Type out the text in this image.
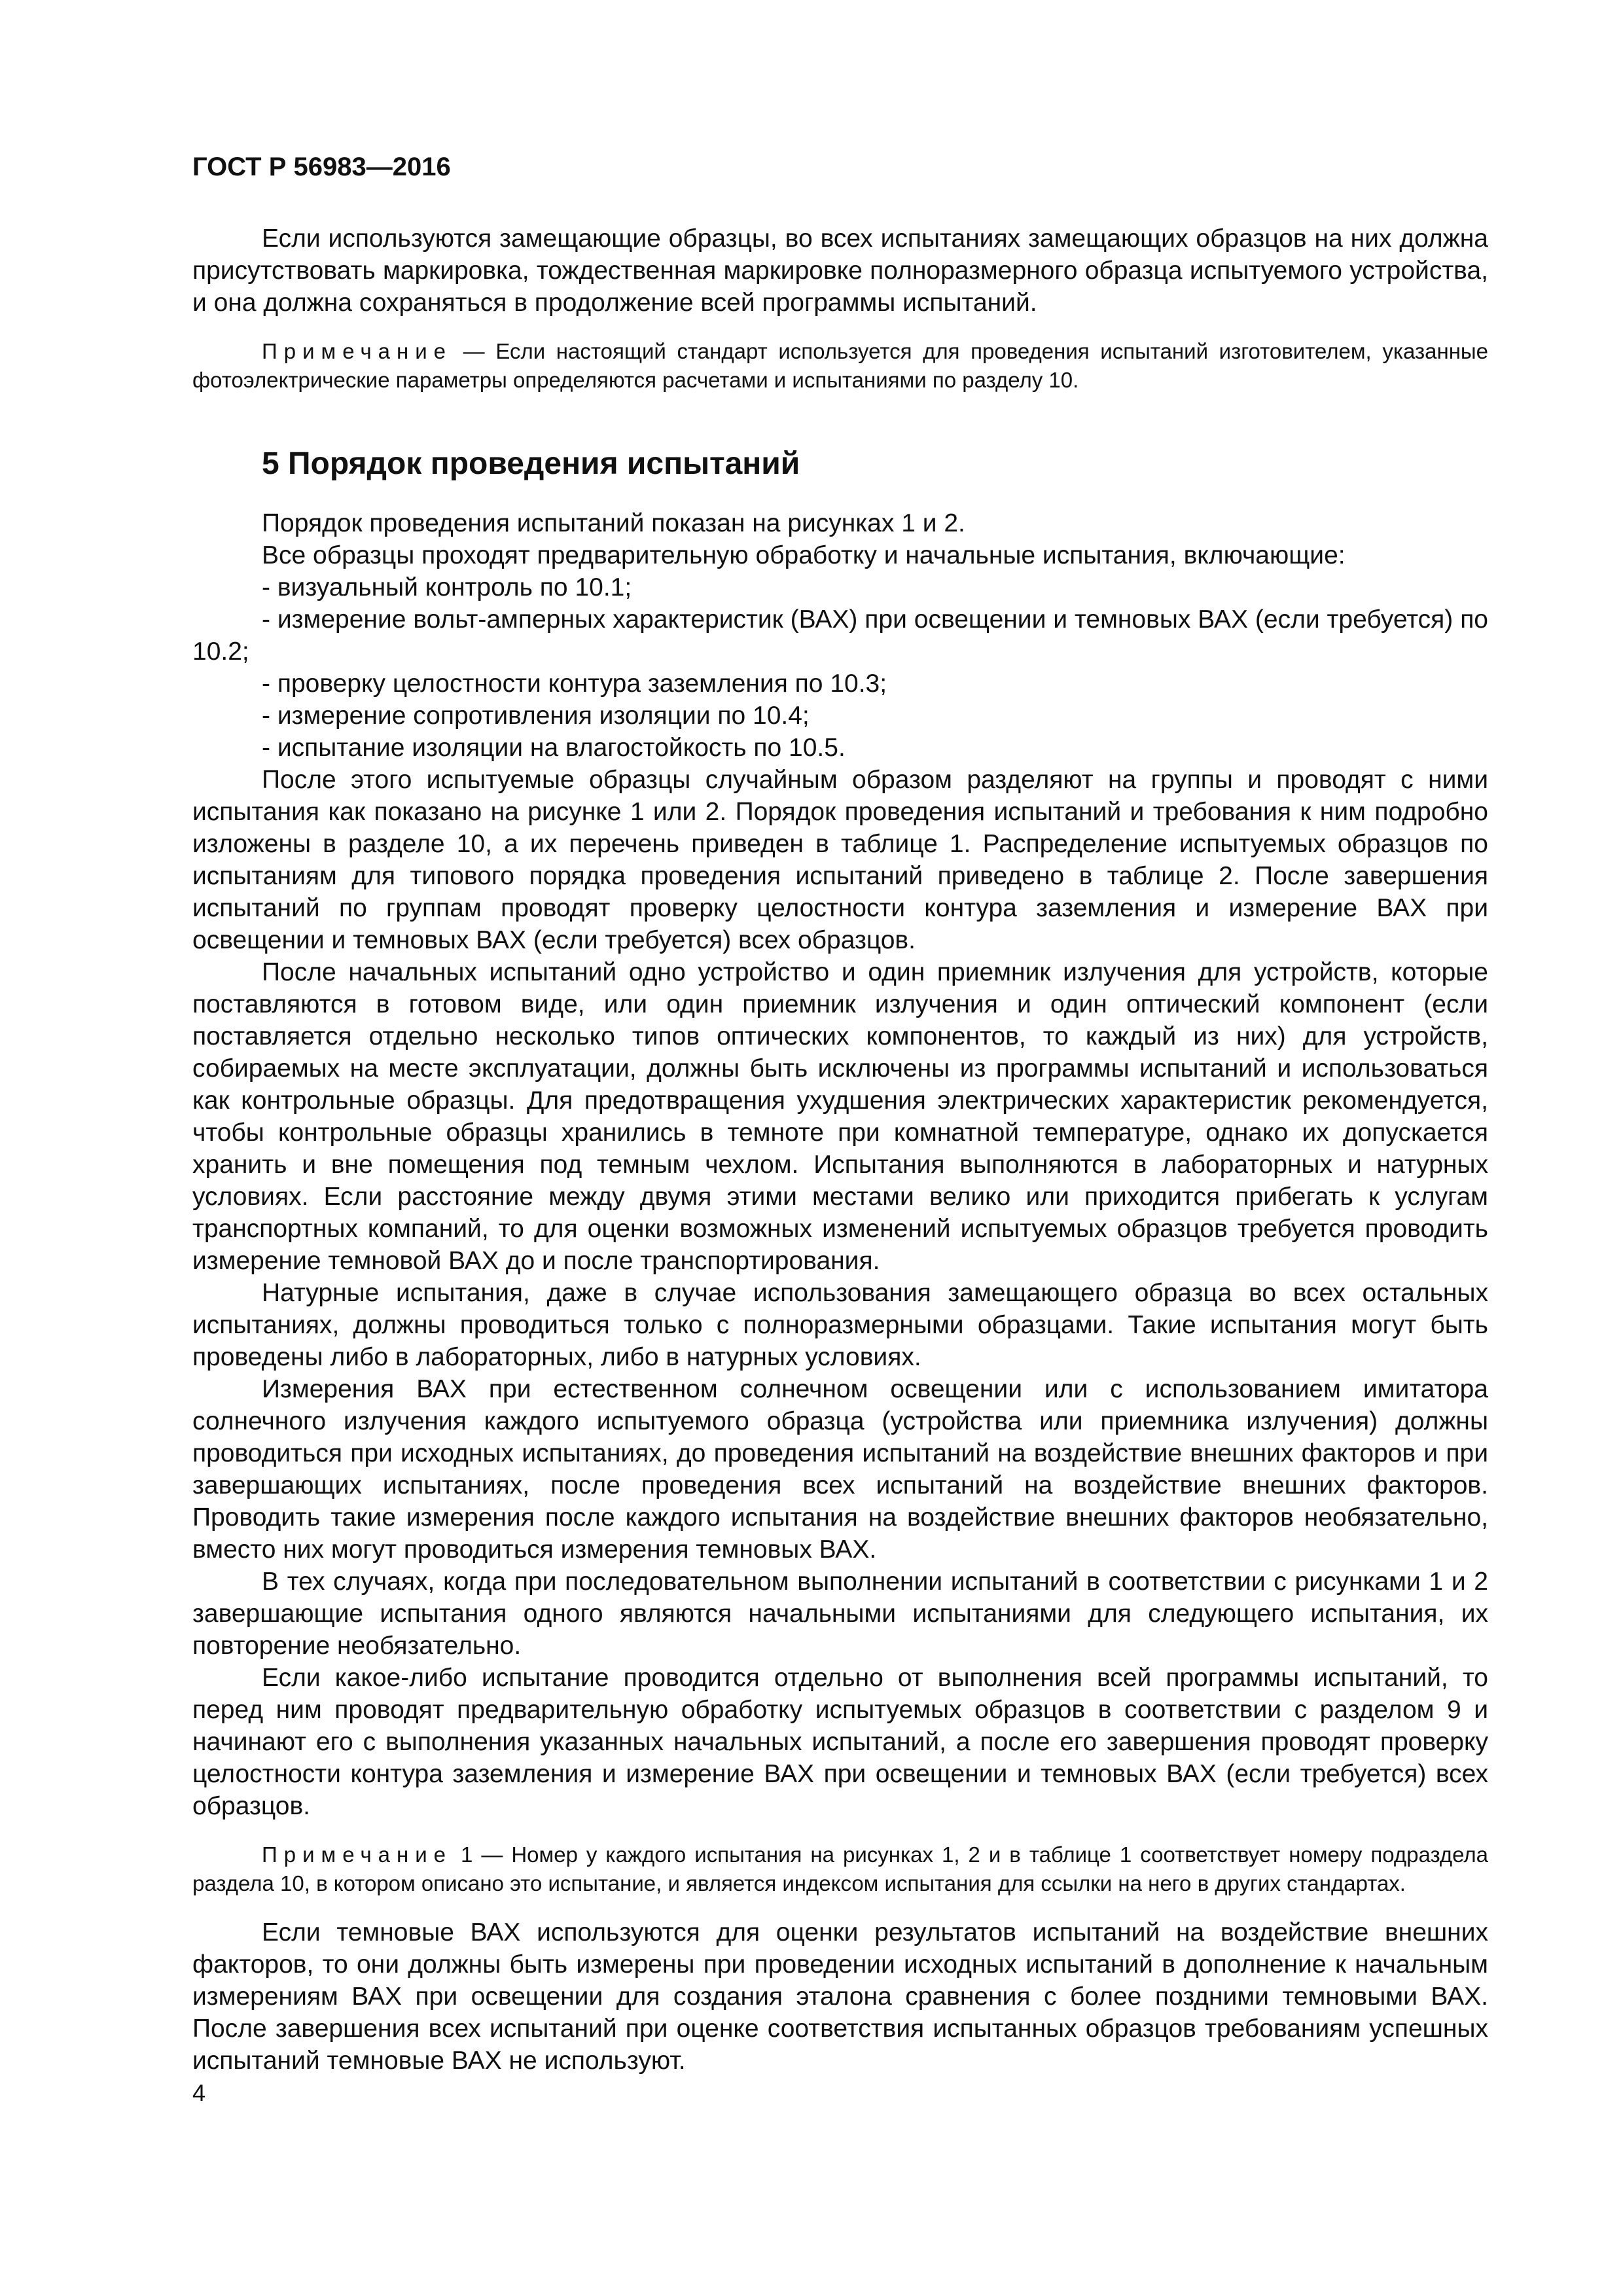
ГОСТ Р 56983—2016

Если используются замещающие образцы, во всех испытаниях замещающих образцов на них должна присутствовать маркировка, тождественная маркировке полноразмерного образца испытуемого устройства, и она должна сохраняться в продолжение всей программы испытаний.

Примечание — Если настоящий стандарт используется для проведения испытаний изготовителем, указанные фотоэлектрические параметры определяются расчетами и испытаниями по разделу 10.

5 Порядок проведения испытаний

Порядок проведения испытаний показан на рисунках 1 и 2.

Все образцы проходят предварительную обработку и начальные испытания, включающие:

- визуальный контроль по 10.1;

- измерение вольт-амперных характеристик (ВАХ) при освещении и темновых ВАХ (если требуется) по 10.2;

- проверку целостности контура заземления по 10.3;

- измерение сопротивления изоляции по 10.4;

- испытание изоляции на влагостойкость по 10.5.

После этого испытуемые образцы случайным образом разделяют на группы и проводят с ними испытания как показано на рисунке 1 или 2. Порядок проведения испытаний и требования к ним подробно изложены в разделе 10, а их перечень приведен в таблице 1. Распределение испытуемых образцов по испытаниям для типового порядка проведения испытаний приведено в таблице 2. После завершения испытаний по группам проводят проверку целостности контура заземления и измерение ВАХ при освещении и темновых ВАХ (если требуется) всех образцов.

После начальных испытаний одно устройство и один приемник излучения для устройств, которые поставляются в готовом виде, или один приемник излучения и один оптический компонент (если поставляется отдельно несколько типов оптических компонентов, то каждый из них) для устройств, собираемых на месте эксплуатации, должны быть исключены из программы испытаний и использоваться как контрольные образцы. Для предотвращения ухудшения электрических характеристик рекомендуется, чтобы контрольные образцы хранились в темноте при комнатной температуре, однако их допускается хранить и вне помещения под темным чехлом. Испытания выполняются в лабораторных и натурных условиях. Если расстояние между двумя этими местами велико или приходится прибегать к услугам транспортных компаний, то для оценки возможных изменений испытуемых образцов требуется проводить измерение темновой ВАХ до и после транспортирования.

Натурные испытания, даже в случае использования замещающего образца во всех остальных испытаниях, должны проводиться только с полноразмерными образцами. Такие испытания могут быть проведены либо в лабораторных, либо в натурных условиях.

Измерения ВАХ при естественном солнечном освещении или с использованием имитатора солнечного излучения каждого испытуемого образца (устройства или приемника излучения) должны проводиться при исходных испытаниях, до проведения испытаний на воздействие внешних факторов и при завершающих испытаниях, после проведения всех испытаний на воздействие внешних факторов. Проводить такие измерения после каждого испытания на воздействие внешних факторов необязательно, вместо них могут проводиться измерения темновых ВАХ.

В тех случаях, когда при последовательном выполнении испытаний в соответствии с рисунками 1 и 2 завершающие испытания одного являются начальными испытаниями для следующего испытания, их повторение необязательно.

Если какое-либо испытание проводится отдельно от выполнения всей программы испытаний, то перед ним проводят предварительную обработку испытуемых образцов в соответствии с разделом 9 и начинают его с выполнения указанных начальных испытаний, а после его завершения проводят проверку целостности контура заземления и измерение ВАХ при освещении и темновых ВАХ (если требуется) всех образцов.

Примечание 1 — Номер у каждого испытания на рисунках 1, 2 и в таблице 1 соответствует номеру подраздела раздела 10, в котором описано это испытание, и является индексом испытания для ссылки на него в других стандартах.

Если темновые ВАХ используются для оценки результатов испытаний на воздействие внешних факторов, то они должны быть измерены при проведении исходных испытаний в дополнение к начальным измерениям ВАХ при освещении для создания эталона сравнения с более поздними темновыми ВАХ. После завершения всех испытаний при оценке соответствия испытанных образцов требованиям успешных испытаний темновые ВАХ не используют.

4
